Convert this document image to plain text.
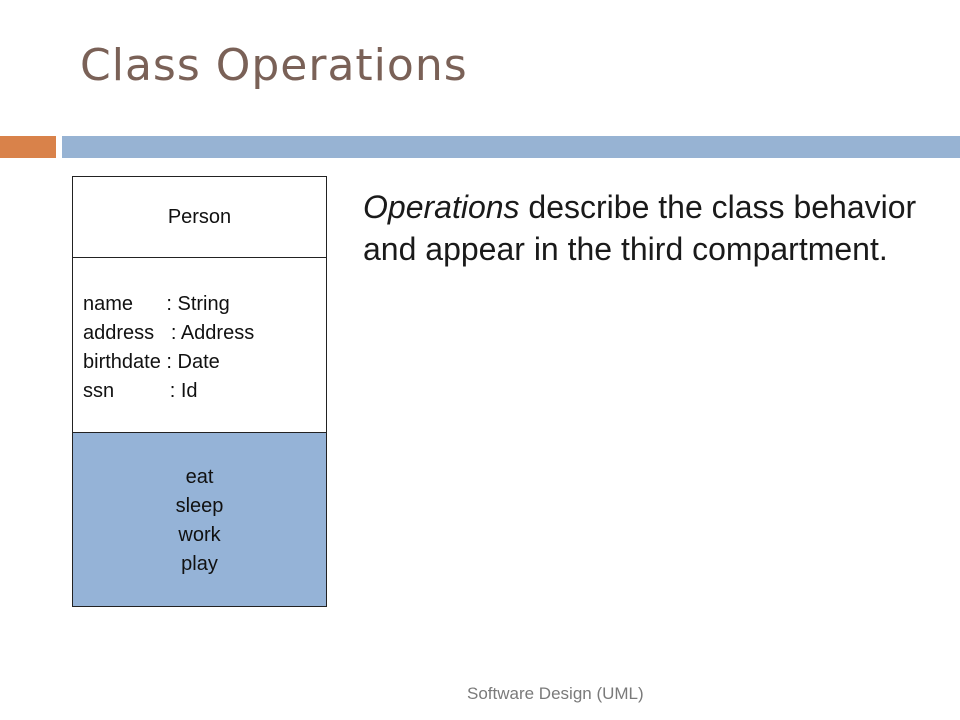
Class Operations
Person
name : String
address : Address
birthdate : Date
ssn : Id
eat
sleep
work
play
Operations describe the class behavior and appear in the third compartment.
Software Design (UML)
